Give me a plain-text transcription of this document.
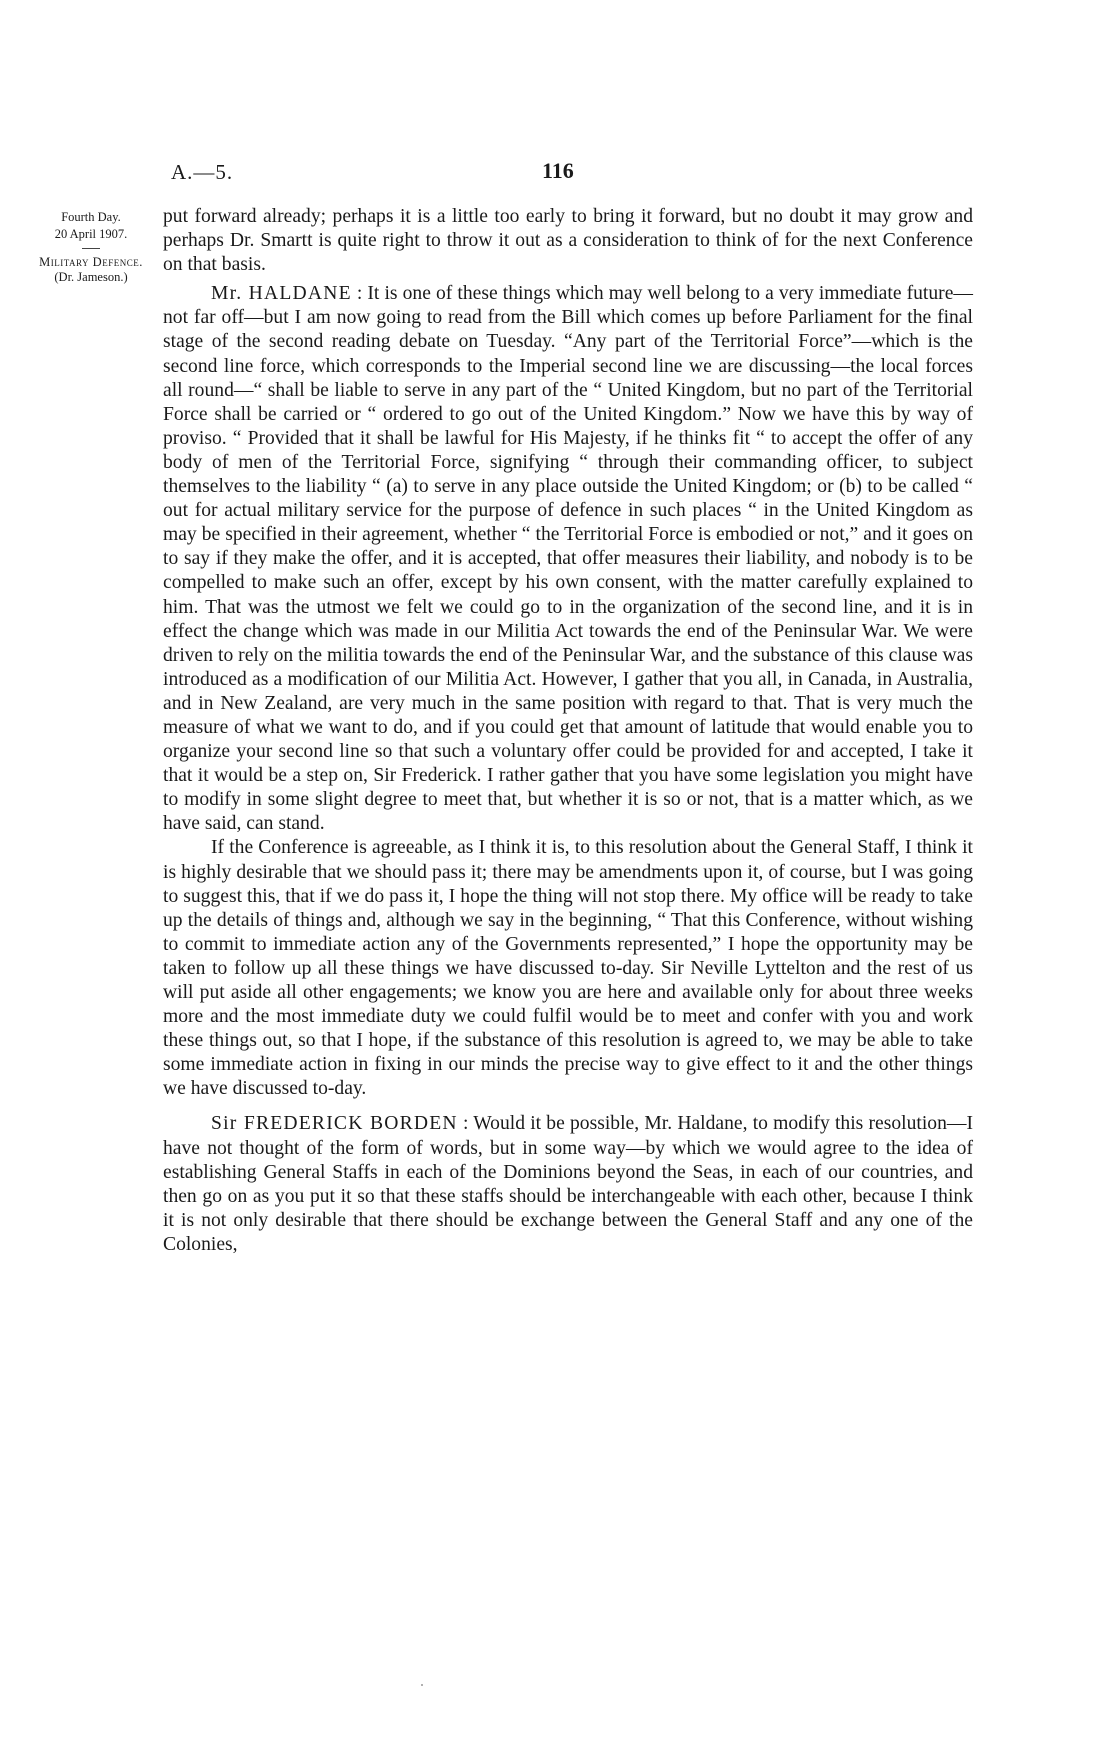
A.—5.	116
Fourth Day.
20 April 1907.
Military Defence.
(Dr. Jameson.)

put forward already; perhaps it is a little too early to bring it forward, but no doubt it may grow and perhaps Dr. Smartt is quite right to throw it out as a consideration to think of for the next Conference on that basis.

Mr. HALDANE : It is one of these things which may well belong to a very immediate future—not far off—but I am now going to read from the Bill which comes up before Parliament for the final stage of the second reading debate on Tuesday. “Any part of the Territorial Force”—which is the second line force, which corresponds to the Imperial second line we are discussing—the local forces all round—“ shall be liable to serve in any part of the “ United Kingdom, but no part of the Territorial Force shall be carried or “ ordered to go out of the United Kingdom.” Now we have this by way of proviso. “ Provided that it shall be lawful for His Majesty, if he thinks fit “ to accept the offer of any body of men of the Territorial Force, signifying “ through their commanding officer, to subject themselves to the liability “ (a) to serve in any place outside the United Kingdom; or (b) to be called “ out for actual military service for the purpose of defence in such places “ in the United Kingdom as may be specified in their agreement, whether “ the Territorial Force is embodied or not,” and it goes on to say if they make the offer, and it is accepted, that offer measures their liability, and nobody is to be compelled to make such an offer, except by his own consent, with the matter carefully explained to him. That was the utmost we felt we could go to in the organization of the second line, and it is in effect the change which was made in our Militia Act towards the end of the Peninsular War. We were driven to rely on the militia towards the end of the Peninsular War, and the substance of this clause was introduced as a modification of our Militia Act. However, I gather that you all, in Canada, in Australia, and in New Zealand, are very much in the same position with regard to that. That is very much the measure of what we want to do, and if you could get that amount of latitude that would enable you to organize your second line so that such a voluntary offer could be provided for and accepted, I take it that it would be a step on, Sir Frederick. I rather gather that you have some legislation you might have to modify in some slight degree to meet that, but whether it is so or not, that is a matter which, as we have said, can stand.

If the Conference is agreeable, as I think it is, to this resolution about the General Staff, I think it is highly desirable that we should pass it; there may be amendments upon it, of course, but I was going to suggest this, that if we do pass it, I hope the thing will not stop there. My office will be ready to take up the details of things and, although we say in the beginning, “ That this Conference, without wishing to commit to immediate action any of the Governments represented,” I hope the opportunity may be taken to follow up all these things we have discussed to-day. Sir Neville Lyttelton and the rest of us will put aside all other engagements; we know you are here and available only for about three weeks more and the most immediate duty we could fulfil would be to meet and confer with you and work these things out, so that I hope, if the substance of this resolution is agreed to, we may be able to take some immediate action in fixing in our minds the precise way to give effect to it and the other things we have discussed to-day.

Sir FREDERICK BORDEN : Would it be possible, Mr. Haldane, to modify this resolution—I have not thought of the form of words, but in some way—by which we would agree to the idea of establishing General Staffs in each of the Dominions beyond the Seas, in each of our countries, and then go on as you put it so that these staffs should be interchangeable with each other, because I think it is not only desirable that there should be exchange between the General Staff and any one of the Colonies,
